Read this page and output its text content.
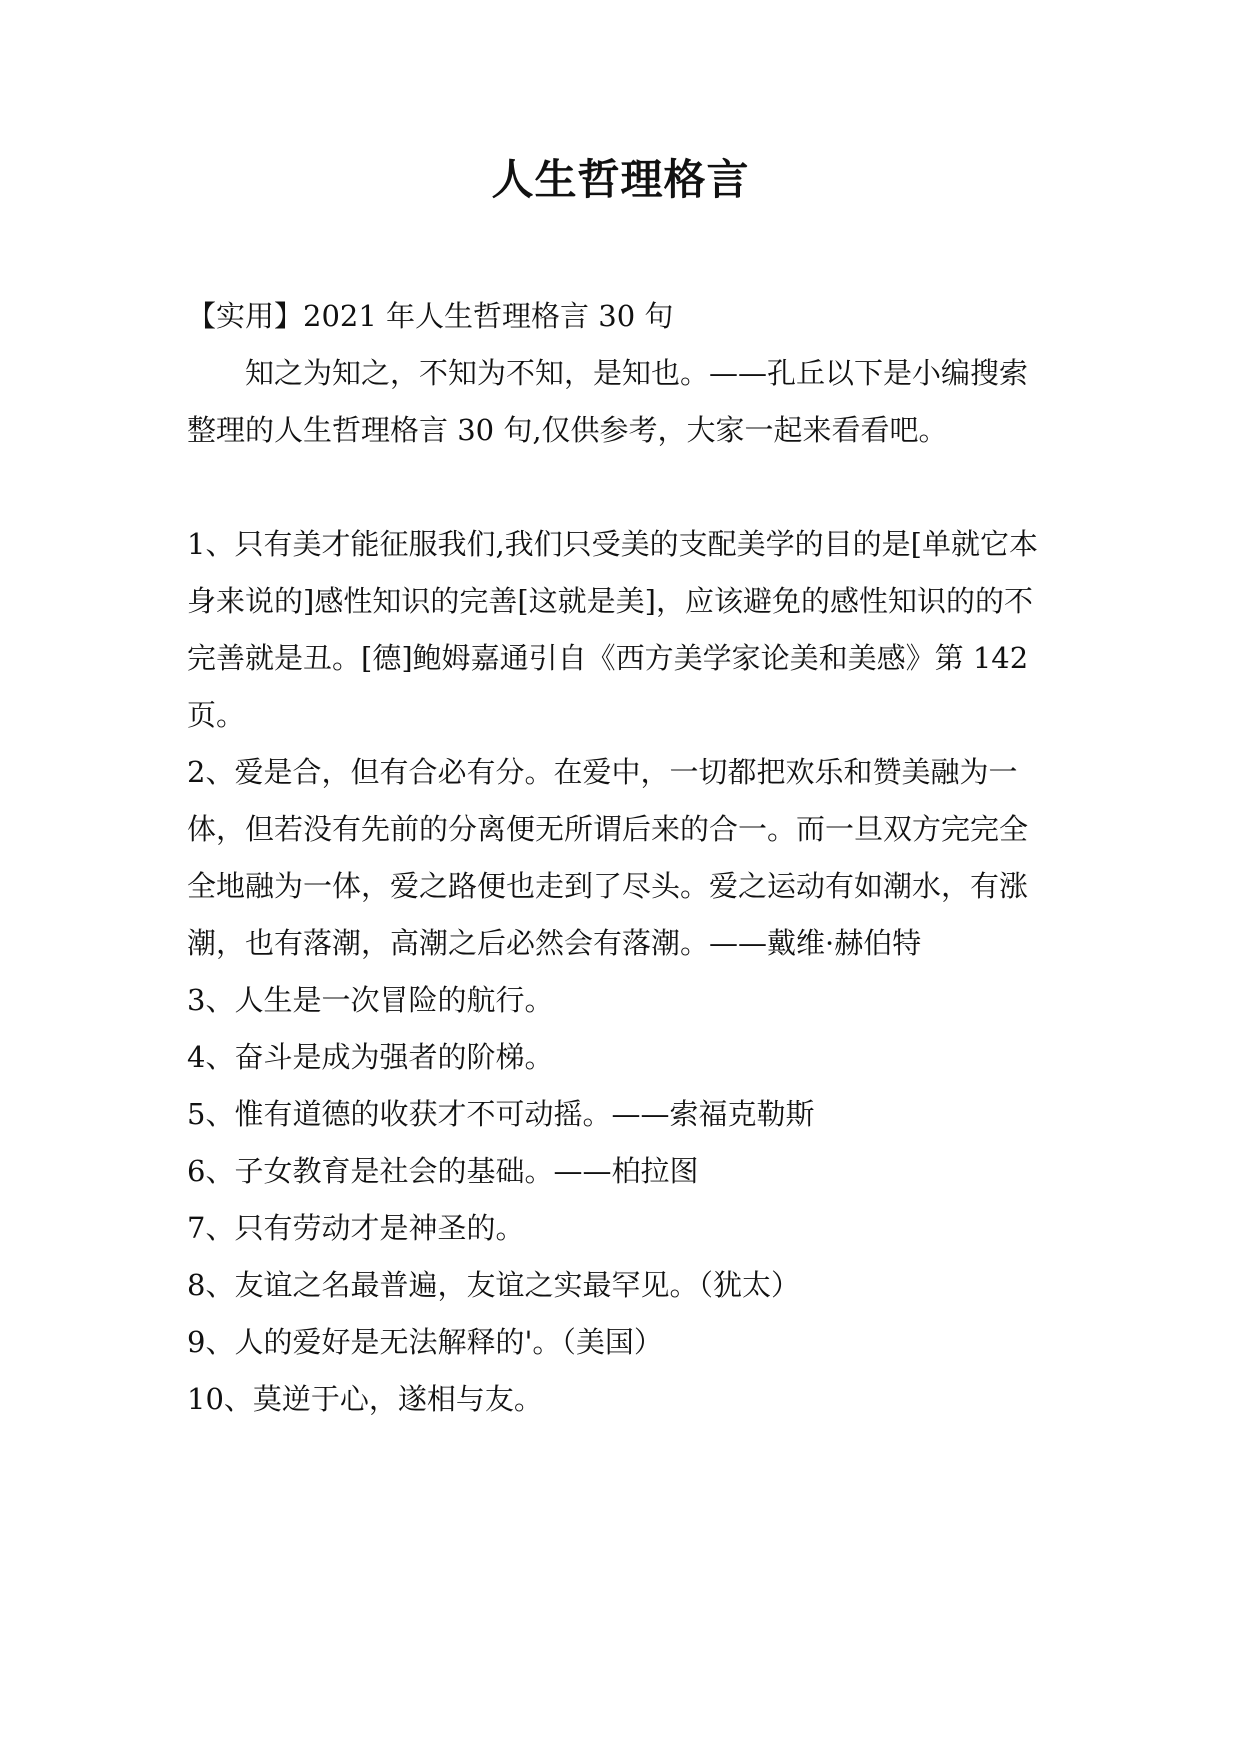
人生哲理格言

【实用】2021 年人生哲理格言 30 句

知之为知之，不知为不知，是知也。——孔丘以下是小编搜索整理的人生哲理格言 30 句,仅供参考，大家一起来看看吧。

1、只有美才能征服我们,我们只受美的支配美学的目的是[单就它本身来说的]感性知识的完善[这就是美]，应该避免的感性知识的的不完善就是丑。[德]鲍姆嘉通引自《西方美学家论美和美感》第 142 页。

2、爱是合，但有合必有分。在爱中，一切都把欢乐和赞美融为一体，但若没有先前的分离便无所谓后来的合一。而一旦双方完完全全地融为一体，爱之路便也走到了尽头。爱之运动有如潮水，有涨潮，也有落潮，高潮之后必然会有落潮。——戴维·赫伯特

3、人生是一次冒险的航行。

4、奋斗是成为强者的阶梯。

5、惟有道德的收获才不可动摇。——索福克勒斯

6、子女教育是社会的基础。——柏拉图

7、只有劳动才是神圣的。

8、友谊之名最普遍，友谊之实最罕见。（犹太）

9、人的爱好是无法解释的'。（美国）

10、莫逆于心，遂相与友。
